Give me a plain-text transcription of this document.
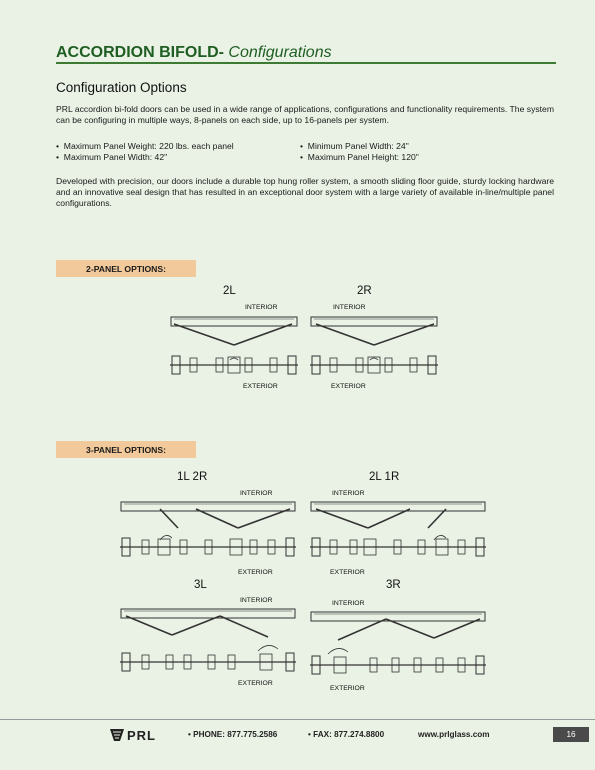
ACCORDION BIFOLD- Configurations
Configuration Options

PRL accordion bi-fold doors can be used in a wide range of applications, configurations and functionality requirements. The system can be configuring in multiple ways, 8-panels on each side, up to 16-panels per system.

•  Maximum Panel Weight: 220 lbs. each panel
•  Maximum Panel Width: 42"
•  Minimum Panel Width: 24"
•  Maximum Panel Height: 120"

Developed with precision, our doors include a durable top hung roller system, a smooth sliding floor guide, sturdy locking hardware and an innovative seal design that has resulted in an exceptional door system with a large variety of available in-line/multiple panel configurations.

2-PANEL OPTIONS:
2L
INTERIOR
EXTERIOR
2R
INTERIOR
EXTERIOR
3-PANEL OPTIONS:
1L 2R
INTERIOR
EXTERIOR
2L 1R
INTERIOR
EXTERIOR
3L
INTERIOR
EXTERIOR
3R
INTERIOR
EXTERIOR
PRL	• PHONE: 877.775.2586	• FAX: 877.274.8800	www.prlglass.com	16
